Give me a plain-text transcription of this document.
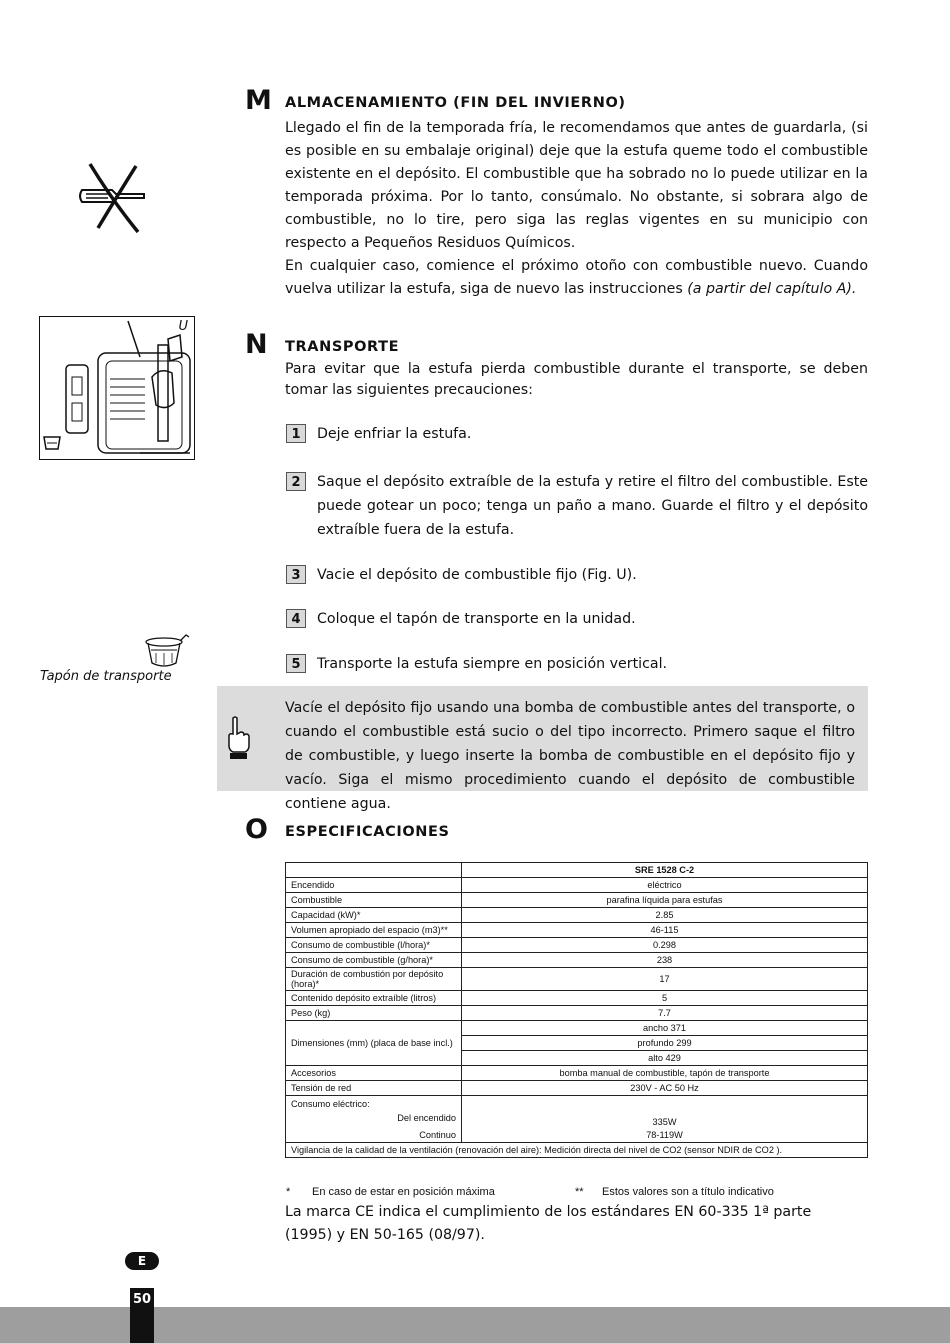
M ALMACENAMIENTO (FIN DEL INVIERNO)

Llegado el fin de la temporada fría, le recomendamos que antes de guardarla, (si es posible en su embalaje original) deje que la estufa queme todo el combustible existente en el depósito. El combustible que ha sobrado no lo puede utilizar en la temporada próxima. Por lo tanto, consúmalo. No obstante, si sobrara algo de combustible, no lo tire, pero siga las reglas vigentes en su municipio con respecto a Pequeños Residuos Químicos.

En cualquier caso, comience el próximo otoño con combustible nuevo. Cuando vuelva utilizar la estufa, siga de nuevo las instrucciones (a partir del capítulo A).

U
N TRANSPORTE
Para evitar que la estufa pierda combustible durante el transporte, se deben tomar las siguientes precauciones:
1	Deje enfriar la estufa.
2	Saque el depósito extraíble de la estufa y retire el filtro del combustible. Este puede gotear un poco; tenga un paño a mano. Guarde el filtro y el depósito extraíble fuera de la estufa.
3	Vacie el depósito de combustible fijo (Fig. U).
4	Coloque el tapón de transporte en la unidad.
5	Transporte la estufa siempre en posición vertical.
Tapón de transporte
Vacíe el depósito fijo usando una bomba de combustible antes del transporte, o cuando el combustible está sucio o del tipo incorrecto. Primero saque el filtro de combustible, y luego inserte la bomba de combustible en el depósito fijo y vacío. Siga el mismo procedimiento cuando el depósito de combustible contiene agua.
O ESPECIFICACIONES
	SRE 1528 C-2
Encendido	eléctrico
Combustible	parafina líquida para estufas
Capacidad (kW)*	2.85
Volumen apropiado del espacio (m3)**	46-115
Consumo de combustible (l/hora)*	0.298
Consumo de combustible (g/hora)*	238
Duración de combustión por depósito (hora)*	17
Contenido depósito extraíble (litros)	5
Peso (kg)	7.7
Dimensiones (mm) (placa de base incl.)	ancho 371
	profundo 299
	alto 429
Accesorios	bomba manual de combustible, tapón de transporte
Tensión de red	230V - AC 50 Hz

Consumo eléctrico:
Del encendido	335W
Continuo	78-119W
Vigilancia de la calidad de la ventilación (renovación del aire): Medición directa del nivel de CO2 (sensor NDIR de CO2 ).	
* En caso de estar en posición máxima	** Estos valores son a título indicativo
La marca CE indica el cumplimiento de los estándares EN 60-335 1ª parte (1995) y EN 50-165 (08/97).
E
50
